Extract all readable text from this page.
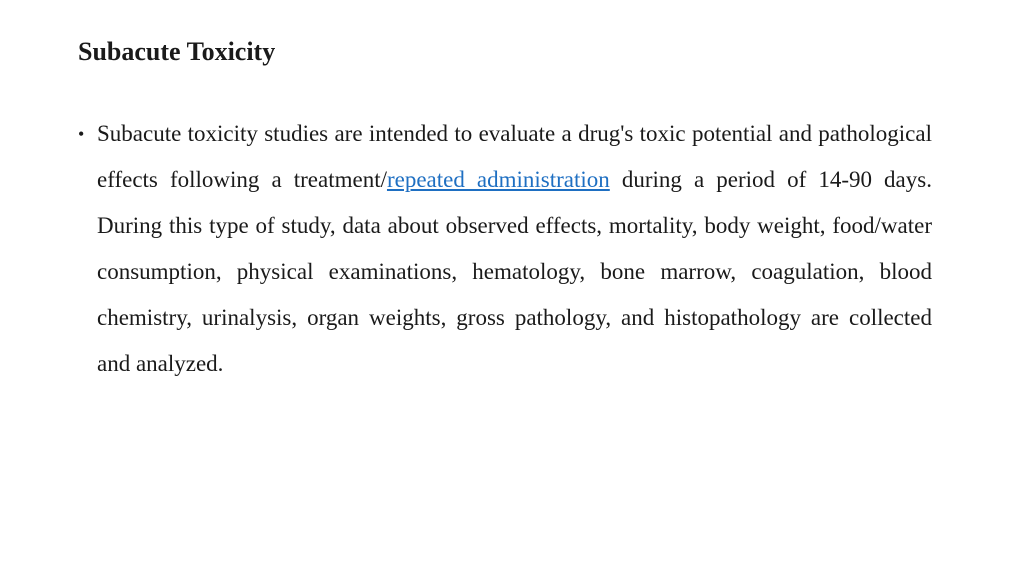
Subacute Toxicity
• Subacute toxicity studies are intended to evaluate a drug's toxic potential and pathological effects following a treatment/repeated administration during a period of 14-90 days. During this type of study, data about observed effects, mortality, body weight, food/water consumption, physical examinations, hematology, bone marrow, coagulation, blood chemistry, urinalysis, organ weights, gross pathology, and histopathology are collected and analyzed.
